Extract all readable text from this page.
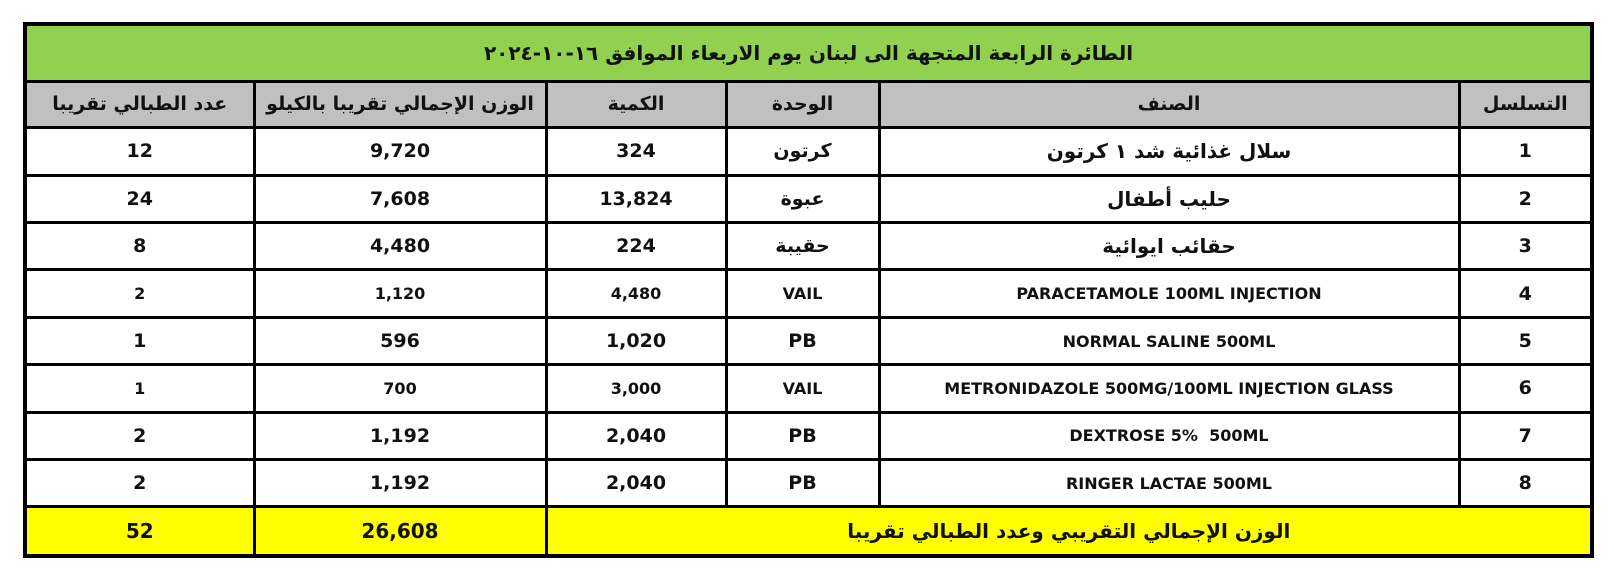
الطائرة الرابعة المتجهة الى لبنان يوم الاربعاء الموافق ١٦-١٠-٢٠٢٤					
عدد الطبالي تقريبا	الوزن الإجمالي تقريبا بالكيلو	الكمية	الوحدة	الصنف	التسلسل
12	9,720	324	كرتون	سلال غذائية شد ١ كرتون	1
24	7,608	13,824	عبوة	حليب أطفال	2
8	4,480	224	حقيبة	حقائب ايوائية	3
2	1,120	4,480	VAIL	PARACETAMOLE 100ML INJECTION	4
1	596	1,020	PB	NORMAL SALINE 500ML	5
1	700	3,000	VAIL	METRONIDAZOLE 500MG/100ML INJECTION GLASS	6
2	1,192	2,040	PB	DEXTROSE 5%  500ML	7
2	1,192	2,040	PB	RINGER LACTAE 500ML	8
52	26,608	الوزن الإجمالي التقريبي وعدد الطبالي تقريبا			
